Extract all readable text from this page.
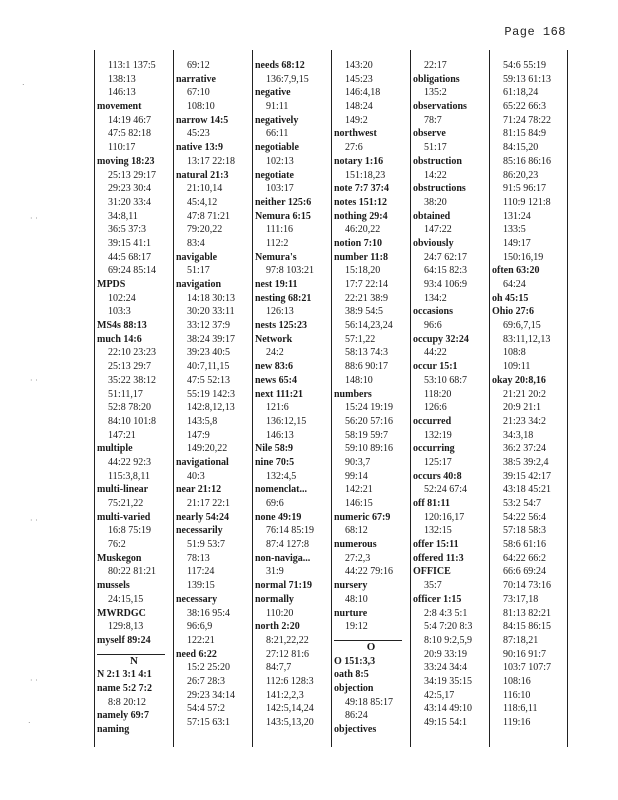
Page 168
.
· ·
· ·
· ·
· ·
.
113:1 137:5
138:13
146:13
movement
14:19 46:7
47:5 82:18
110:17
moving 18:23
25:13 29:17
29:23 30:4
31:20 33:4
34:8,11
36:5 37:3
39:15 41:1
44:5 68:17
69:24 85:14
MPDS
102:24
103:3
MS4s 88:13
much 14:6
22:10 23:23
25:13 29:7
35:22 38:12
51:11,17
52:8 78:20
84:10 101:8
147:21
multiple
44:22 92:3
115:3,8,11
multi-linear
75:21,22
multi-varied
16:8 75:19
76:2
Muskegon
80:22 81:21
mussels
24:15,15
MWRDGC
129:8,13
myself 89:24
N
N 2:1 3:1 4:1
name 5:2 7:2
8:8 20:12
namely 69:7
naming
69:12
narrative
67:10
108:10
narrow 14:5
45:23
native 13:9
13:17 22:18
natural 21:3
21:10,14
45:4,12
47:8 71:21
79:20,22
83:4
navigable
51:17
navigation
14:18 30:13
30:20 33:11
33:12 37:9
38:24 39:17
39:23 40:5
40:7,11,15
47:5 52:13
55:19 142:3
142:8,12,13
143:5,8
147:9
149:20,22
navigational
40:3
near 21:12
21:17 22:1
nearly 54:24
necessarily
51:9 53:7
78:13
117:24
139:15
necessary
38:16 95:4
96:6,9
122:21
need 6:22
15:2 25:20
26:7 28:3
29:23 34:14
54:4 57:2
57:15 63:1
needs 68:12
136:7,9,15
negative
91:11
negatively
66:11
negotiable
102:13
negotiate
103:17
neither 125:6
Nemura 6:15
111:16
112:2
Nemura's
97:8 103:21
nest 19:11
nesting 68:21
126:13
nests 125:23
Network
24:2
new 83:6
news 65:4
next 111:21
121:6
136:12,15
146:13
Nile 58:9
nine 70:5
132:4,5
nomenclat...
69:6
none 49:19
76:14 85:19
87:4 127:8
non-naviga...
31:9
normal 71:19
normally
110:20
north 2:20
8:21,22,22
27:12 81:6
84:7,7
112:6 128:3
141:2,2,3
142:5,14,24
143:5,13,20
143:20
145:23
146:4,18
148:24
149:2
northwest
27:6
notary 1:16
151:18,23
note 7:7 37:4
notes 151:12
nothing 29:4
46:20,22
notion 7:10
number 11:8
15:18,20
17:7 22:14
22:21 38:9
38:9 54:5
56:14,23,24
57:1,22
58:13 74:3
88:6 90:17
148:10
numbers
15:24 19:19
56:20 57:16
58:19 59:7
59:10 89:16
90:3,7
99:14
142:21
146:15
numeric 67:9
68:12
numerous
27:2,3
44:22 79:16
nursery
48:10
nurture
19:12
O
O 151:3,3
oath 8:5
objection
49:18 85:17
86:24
objectives
22:17
obligations
135:2
observations
78:7
observe
51:17
obstruction
14:22
obstructions
38:20
obtained
147:22
obviously
24:7 62:17
64:15 82:3
93:4 106:9
134:2
occasions
96:6
occupy 32:24
44:22
occur 15:1
53:10 68:7
118:20
126:6
occurred
132:19
occurring
125:17
occurs 40:8
52:24 67:4
off 81:11
120:16,17
132:15
offer 15:11
offered 11:3
OFFICE
35:7
officer 1:15
2:8 4:3 5:1
5:4 7:20 8:3
8:10 9:2,5,9
20:9 33:19
33:24 34:4
34:19 35:15
42:5,17
43:14 49:10
49:15 54:1
54:6 55:19
59:13 61:13
61:18,24
65:22 66:3
71:24 78:22
81:15 84:9
84:15,20
85:16 86:16
86:20,23
91:5 96:17
110:9 121:8
131:24
133:5
149:17
150:16,19
often 63:20
64:24
oh 45:15
Ohio 27:6
69:6,7,15
83:11,12,13
108:8
109:11
okay 20:8,16
21:21 20:2
20:9 21:1
21:23 34:2
34:3,18
36:2 37:24
38:5 39:2,4
39:15 42:17
43:18 45:21
53:2 54:7
54:22 56:4
57:18 58:3
58:6 61:16
64:22 66:2
66:6 69:24
70:14 73:16
73:17,18
81:13 82:21
84:15 86:15
87:18,21
90:16 91:7
103:7 107:7
108:16
116:10
118:6,11
119:16
